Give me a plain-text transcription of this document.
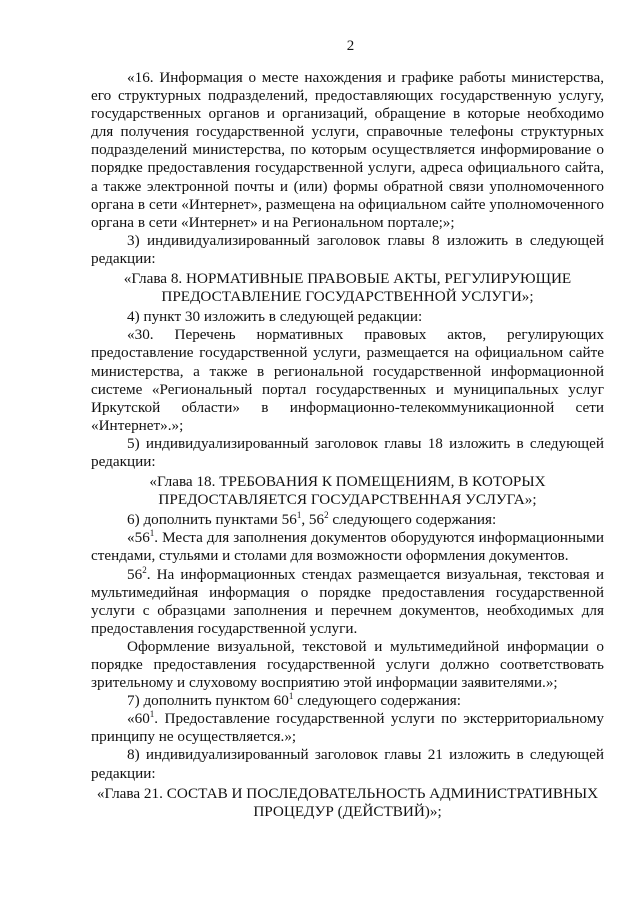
2

«16. Информация о месте нахождения и графике работы министерства, его структурных подразделений, предоставляющих государственную услугу, государственных органов и организаций, обращение в которые необходимо для получения государственной услуги, справочные телефоны структурных подразделений министерства, по которым осуществляется информирование о порядке предоставления государственной услуги, адреса официального сайта, а также электронной почты и (или) формы обратной связи уполномоченного органа в сети «Интернет», размещена на официальном сайте уполномоченного органа в сети «Интернет» и на Региональном портале;»;

3) индивидуализированный заголовок главы 8 изложить в следующей редакции:

«Глава 8. НОРМАТИВНЫЕ ПРАВОВЫЕ АКТЫ, РЕГУЛИРУЮЩИЕ ПРЕДОСТАВЛЕНИЕ ГОСУДАРСТВЕННОЙ УСЛУГИ»;

4) пункт 30 изложить в следующей редакции:

«30. Перечень нормативных правовых актов, регулирующих предоставление государственной услуги, размещается на официальном сайте министерства, а также в региональной государственной информационной системе «Региональный портал государственных и муниципальных услуг Иркутской области» в информационно-телекоммуникационной сети «Интернет».»;

5) индивидуализированный заголовок главы 18 изложить в следующей редакции:

«Глава 18. ТРЕБОВАНИЯ К ПОМЕЩЕНИЯМ, В КОТОРЫХ ПРЕДОСТАВЛЯЕТСЯ ГОСУДАРСТВЕННАЯ УСЛУГА»;

6) дополнить пунктами $56^1$, $56^2$ следующего содержания:

«$56^1$. Места для заполнения документов оборудуются информационными стендами, стульями и столами для возможности оформления документов.

$56^2$. На информационных стендах размещается визуальная, текстовая и мультимедийная информация о порядке предоставления государственной услуги с образцами заполнения и перечнем документов, необходимых для предоставления государственной услуги.

Оформление визуальной, текстовой и мультимедийной информации о порядке предоставления государственной услуги должно соответствовать зрительному и слуховому восприятию этой информации заявителями.»;

7) дополнить пунктом $60^1$ следующего содержания:

«$60^1$. Предоставление государственной услуги по экстерриториальному принципу не осуществляется.»;

8) индивидуализированный заголовок главы 21 изложить в следующей редакции:

«Глава 21. СОСТАВ И ПОСЛЕДОВАТЕЛЬНОСТЬ АДМИНИСТРАТИВНЫХ ПРОЦЕДУР (ДЕЙСТВИЙ)»;
